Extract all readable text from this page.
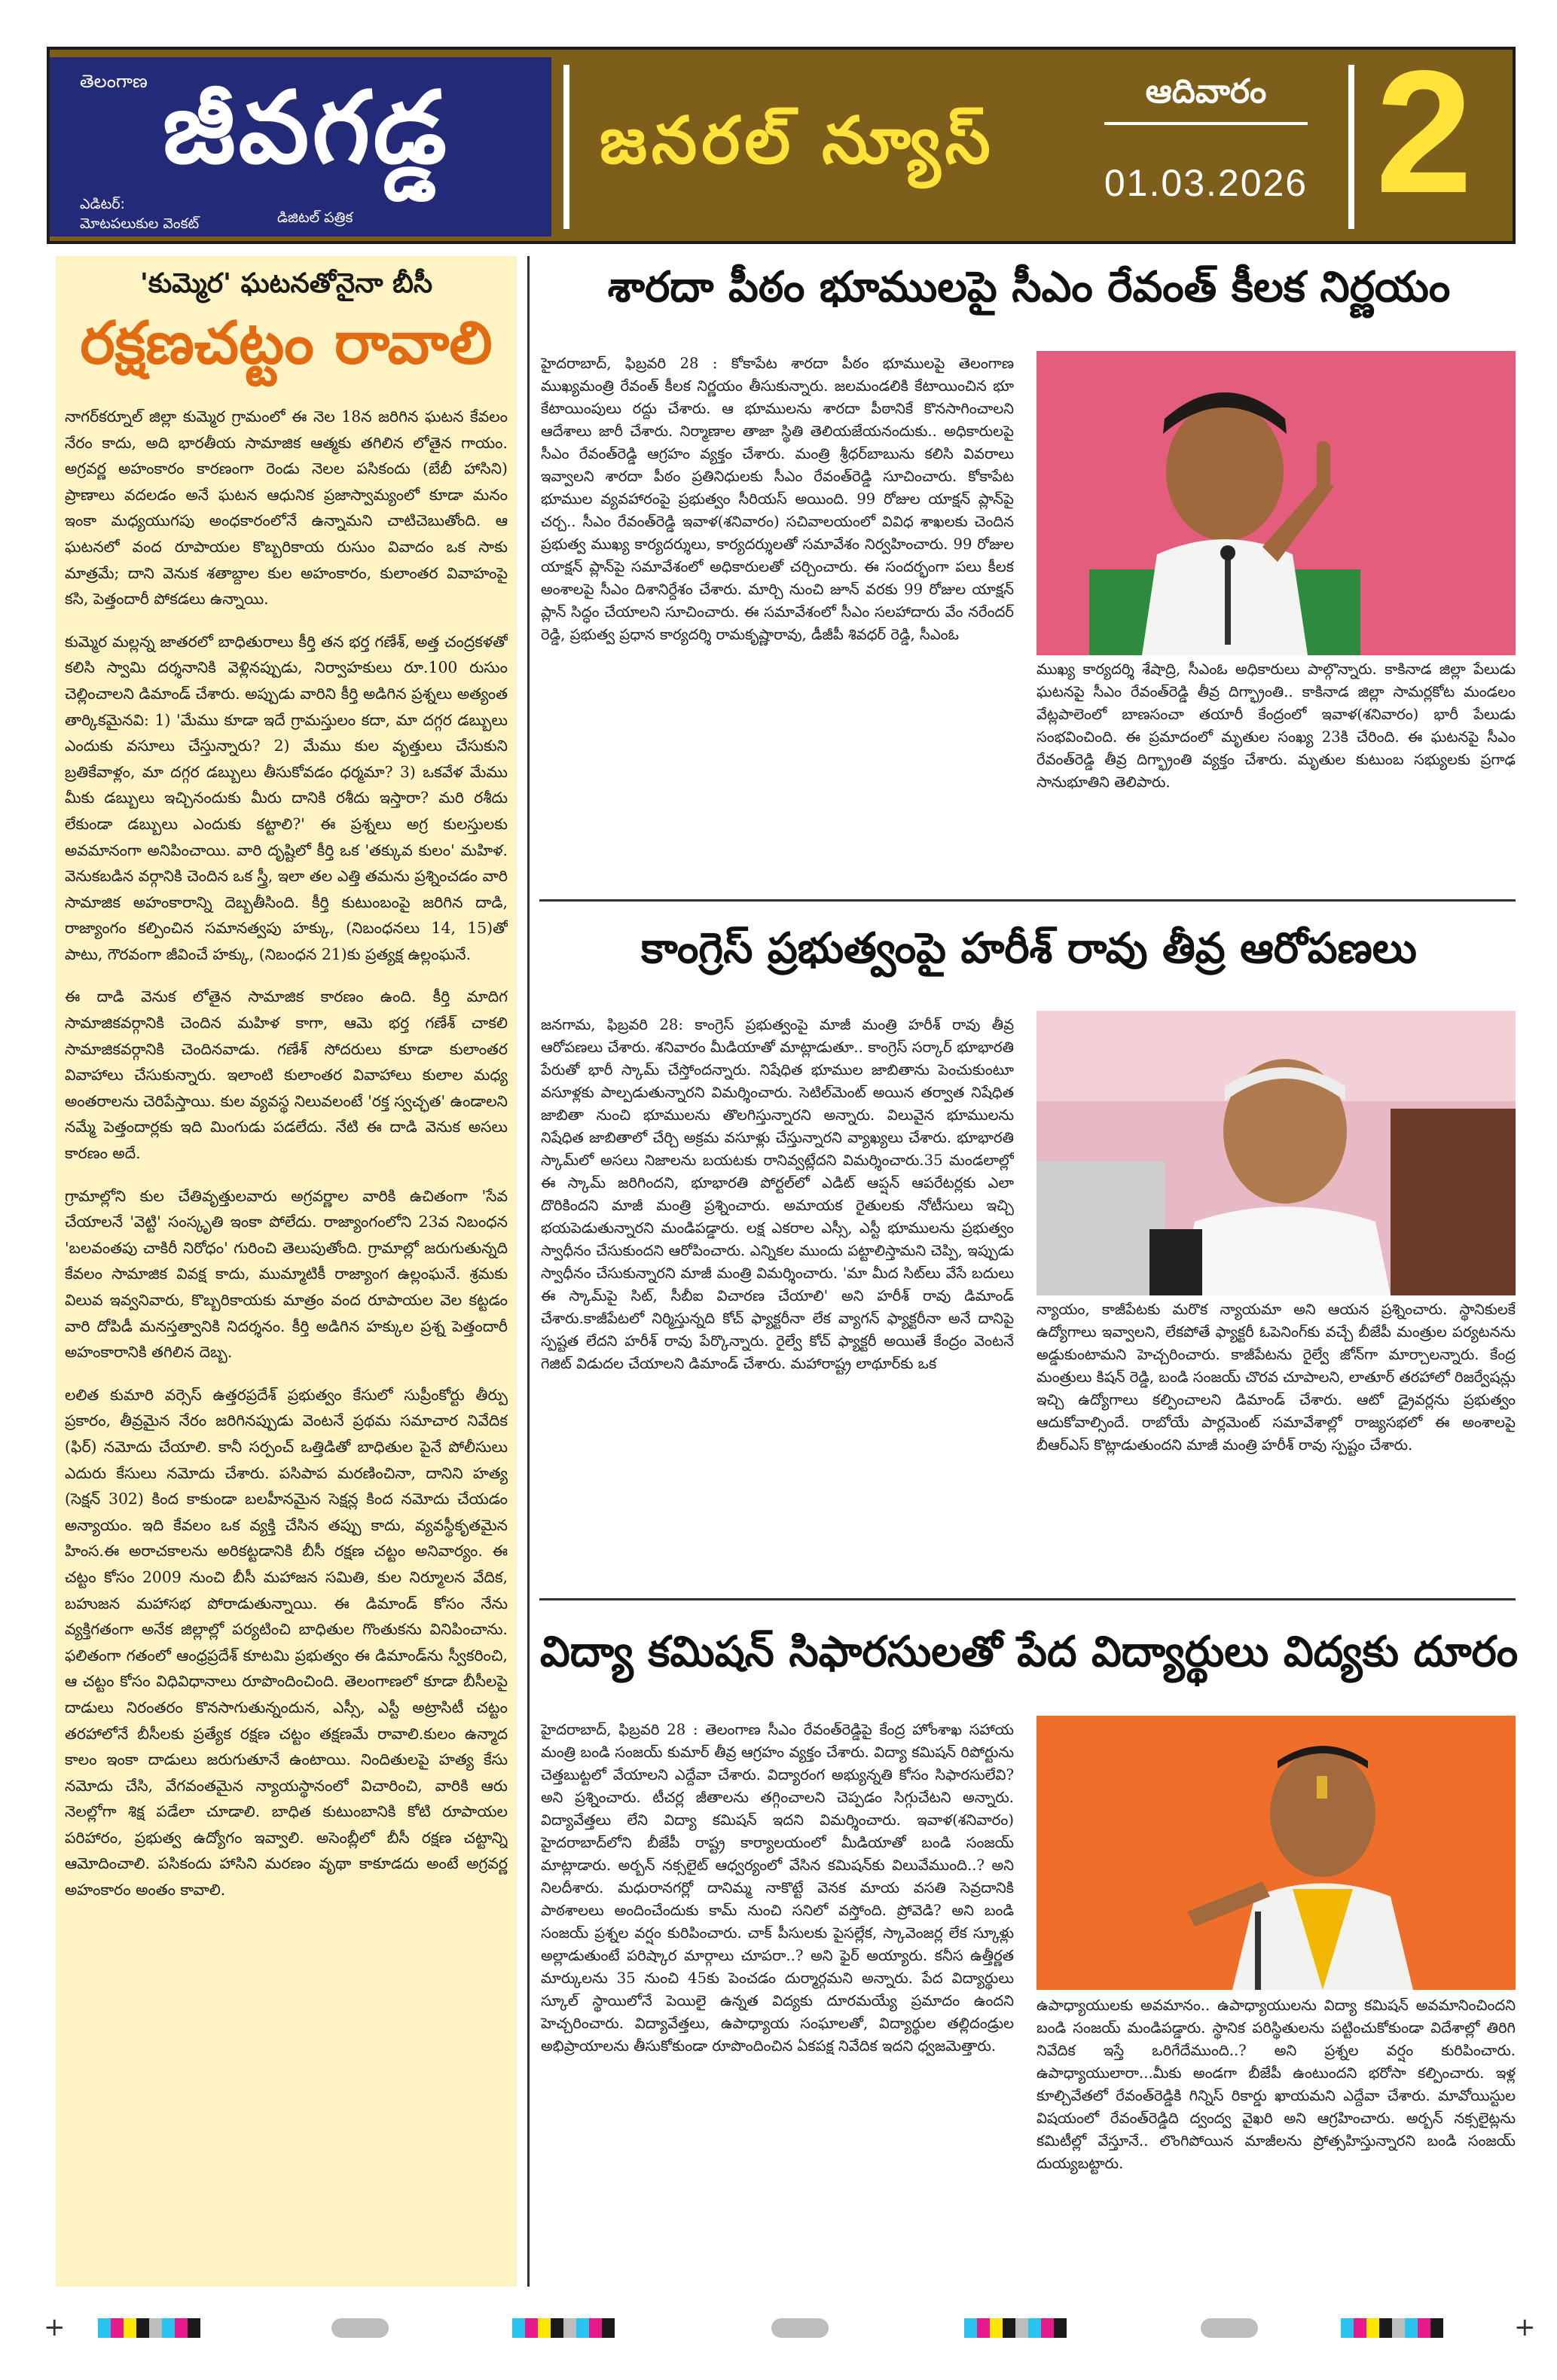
తెలంగాణ జీవగడ్డ
ఎడిటర్:
మోటపలుకుల వెంకట్	డిజిటల్ పత్రిక
జనరల్ న్యూస్
ఆదివారం
01.03.2026 2
'కుమ్మెర' ఘటనతోనైనా బీసీ
రక్షణచట్టం రావాలి

నాగర్‌కర్నూల్ జిల్లా కుమ్మెర గ్రామంలో ఈ నెల 18న జరిగిన ఘటన కేవలం నేరం కాదు, అది భారతీయ సామాజిక ఆత్మకు తగిలిన లోతైన గాయం. అగ్రవర్ణ అహంకారం కారణంగా రెండు నెలల పసికందు (బేబీ హాసిని) ప్రాణాలు వదలడం అనే ఘటన ఆధునిక ప్రజాస్వామ్యంలో కూడా మనం ఇంకా మధ్యయుగపు అంధకారంలోనే ఉన్నామని చాటిచెబుతోంది. ఆ ఘటనలో వంద రూపాయల కొబ్బరికాయ రుసుం వివాదం ఒక సాకు మాత్రమే; దాని వెనుక శతాబ్దాల కుల అహంకారం, కులాంతర వివాహంపై కసి, పెత్తందారీ పోకడలు ఉన్నాయి.

కుమ్మెర మల్లన్న జాతరలో బాధితురాలు కీర్తి తన భర్త గణేశ్, అత్త చంద్రకళతో కలిసి స్వామి దర్శనానికి వెళ్లినప్పుడు, నిర్వాహకులు రూ.100 రుసుం చెల్లించాలని డిమాండ్ చేశారు. అప్పుడు వారిని కీర్తి అడిగిన ప్రశ్నలు అత్యంత తార్కికమైనవి: 1) 'మేము కూడా ఇదే గ్రామస్తులం కదా, మా దగ్గర డబ్బులు ఎందుకు వసూలు చేస్తున్నారు? 2) మేము కుల వృత్తులు చేసుకుని బ్రతికేవాళ్లం, మా దగ్గర డబ్బులు తీసుకోవడం ధర్మమా? 3) ఒకవేళ మేము మీకు డబ్బులు ఇచ్చినందుకు మీరు దానికి రశీదు ఇస్తారా? మరి రశీదు లేకుండా డబ్బులు ఎందుకు కట్టాలి?' ఈ ప్రశ్నలు అగ్ర కులస్తులకు అవమానంగా అనిపించాయి. వారి దృష్టిలో కీర్తి ఒక 'తక్కువ కులం' మహిళ. వెనుకబడిన వర్గానికి చెందిన ఒక స్త్రీ, ఇలా తల ఎత్తి తమను ప్రశ్నించడం వారి సామాజిక అహంకారాన్ని దెబ్బతీసింది. కీర్తి కుటుంబంపై జరిగిన దాడి, రాజ్యాంగం కల్పించిన సమానత్వపు హక్కు, (నిబంధనలు 14, 15)తో పాటు, గౌరవంగా జీవించే హక్కు, (నిబంధన 21)కు ప్రత్యక్ష ఉల్లంఘనే.

ఈ దాడి వెనుక లోతైన సామాజిక కారణం ఉంది. కీర్తి మాదిగ సామాజికవర్గానికి చెందిన మహిళ కాగా, ఆమె భర్త గణేశ్ చాకలి సామాజికవర్గానికి చెందినవాడు. గణేశ్ సోదరులు కూడా కులాంతర వివాహాలు చేసుకున్నారు. ఇలాంటి కులాంతర వివాహాలు కులాల మధ్య అంతరాలను చెరిపేస్తాయి. కుల వ్యవస్థ నిలువలంటే 'రక్త స్వచ్ఛత' ఉండాలని నమ్మే పెత్తందార్లకు ఇది మింగుడు పడలేదు. నేటి ఈ దాడి వెనుక అసలు కారణం అదే.

గ్రామాల్లోని కుల చేతివృత్తులవారు అగ్రవర్ణాల వారికి ఉచితంగా 'సేవ చేయాలనే 'వెట్టి' సంస్కృతి ఇంకా పోలేదు. రాజ్యాంగంలోని 23వ నిబంధన 'బలవంతపు చాకిరీ నిరోధం' గురించి తెలుపుతోంది. గ్రామాల్లో జరుగుతున్నది కేవలం సామాజిక వివక్ష కాదు, ముమ్మాటికీ రాజ్యాంగ ఉల్లంఘనే. శ్రమకు విలువ ఇవ్వనివారు, కొబ్బరికాయకు మాత్రం వంద రూపాయల వెల కట్టడం వారి దోపిడీ మనస్తత్వానికి నిదర్శనం. కీర్తి అడిగిన హక్కుల ప్రశ్న పెత్తందారీ అహంకారానికి తగిలిన దెబ్బ.

లలిత కుమారి వర్సెస్ ఉత్తరప్రదేశ్ ప్రభుత్వం కేసులో సుప్రీంకోర్టు తీర్పు ప్రకారం, తీవ్రమైన నేరం జరిగినప్పుడు వెంటనే ప్రథమ సమాచార నివేదిక (ఫిర్) నమోదు చేయాలి. కానీ సర్పంచ్ ఒత్తిడితో బాధితుల పైనే పోలీసులు ఎదురు కేసులు నమోదు చేశారు. పసిపాప మరణించినా, దానిని హత్య (సెక్షన్ 302) కింద కాకుండా బలహీనమైన సెక్షన్ల కింద నమోదు చేయడం అన్యాయం. ఇది కేవలం ఒక వ్యక్తి చేసిన తప్పు కాదు, వ్యవస్థీకృతమైన హింస.ఈ అరాచకాలను అరికట్టడానికి బీసీ రక్షణ చట్టం అనివార్యం. ఈ చట్టం కోసం 2009 నుంచి బీసీ మహాజన సమితి, కుల నిర్మూలన వేదిక, బహుజన మహాసభ పోరాడుతున్నాయి. ఈ డిమాండ్ కోసం నేను వ్యక్తిగతంగా అనేక జిల్లాల్లో పర్యటించి బాధితుల గొంతుకను వినిపించాను. ఫలితంగా గతంలో ఆంధ్రప్రదేశ్ కూటమి ప్రభుత్వం ఈ డిమాండ్‌ను స్వీకరించి, ఆ చట్టం కోసం విధివిధానాలు రూపొందించింది. తెలంగాణలో కూడా బీసీలపై దాడులు నిరంతరం కొనసాగుతున్నందున, ఎస్సీ, ఎస్టీ అట్రాసిటీ చట్టం తరహాలోనే బీసీలకు ప్రత్యేక రక్షణ చట్టం తక్షణమే రావాలి.కులం ఉన్మాద కాలం ఇంకా దాడులు జరుగుతూనే ఉంటాయి. నిందితులపై హత్య కేసు నమోదు చేసి, వేగవంతమైన న్యాయస్థానంలో విచారించి, వారికి ఆరు నెలల్లోగా శిక్ష పడేలా చూడాలి. బాధిత కుటుంబానికి కోటి రూపాయల పరిహారం, ప్రభుత్వ ఉద్యోగం ఇవ్వాలి. అసెంబ్లీలో బీసీ రక్షణ చట్టాన్ని ఆమోదించాలి. పసికందు హాసిని మరణం వృథా కాకూడదు అంటే అగ్రవర్ణ అహంకారం అంతం కావాలి.

శారదా పీఠం భూములపై సీఎం రేవంత్ కీలక నిర్ణయం
హైదరాబాద్, ఫిబ్రవరి 28 : కోకాపేట శారదా పీఠం భూములపై తెలంగాణ ముఖ్యమంత్రి రేవంత్ కీలక నిర్ణయం తీసుకున్నారు. జలమండలికి కేటాయించిన భూ కేటాయింపులు రద్దు చేశారు. ఆ భూములను శారదా పీఠానికే కొనసాగించాలని ఆదేశాలు జారీ చేశారు. నిర్మాణాల తాజా స్థితి తెలియజేయనందుకు.. అధికారులపై సీఎం రేవంత్‌రెడ్డి ఆగ్రహం వ్యక్తం చేశారు. మంత్రి శ్రీధర్‌బాబును కలిసి వివరాలు ఇవ్వాలని శారదా పీఠం ప్రతినిధులకు సీఎం రేవంత్‌రెడ్డి సూచించారు. కోకాపేట భూముల వ్యవహారంపై ప్రభుత్వం సీరియస్ అయింది. 99 రోజుల యాక్షన్ ప్లాన్‌పై చర్చ.. సీఎం రేవంత్‌రెడ్డి ఇవాళ(శనివారం) సచివాలయంలో వివిధ శాఖలకు చెందిన ప్రభుత్వ ముఖ్య కార్యదర్శులు, కార్యదర్శులతో సమావేశం నిర్వహించారు. 99 రోజుల యాక్షన్ ప్లాన్‌పై సమావేశంలో అధికారులతో చర్చించారు. ఈ సందర్భంగా పలు కీలక అంశాలపై సీఎం దిశానిర్దేశం చేశారు. మార్చి నుంచి జూన్ వరకు 99 రోజుల యాక్షన్ ప్లాన్ సిద్ధం చేయాలని సూచించారు. ఈ సమావేశంలో సీఎం సలహాదారు వేం నరేందర్ రెడ్డి, ప్రభుత్వ ప్రధాన కార్యదర్శి రామకృష్ణారావు, డీజీపీ శివధర్ రెడ్డి, సీఎంఓ
ముఖ్య కార్యదర్శి శేషాద్రి, సీఎంఓ అధికారులు పాల్గొన్నారు. కాకినాడ జిల్లా పేలుడు ఘటనపై సీఎం రేవంత్‌రెడ్డి తీవ్ర దిగ్భ్రాంతి.. కాకినాడ జిల్లా సామర్లకోట మండలం వేట్లపాలెంలో బాణసంచా తయారీ కేంద్రంలో ఇవాళ(శనివారం) భారీ పేలుడు సంభవించింది. ఈ ప్రమాదంలో మృతుల సంఖ్య 23కి చేరింది. ఈ ఘటనపై సీఎం రేవంత్‌రెడ్డి తీవ్ర దిగ్భ్రాంతి వ్యక్తం చేశారు. మృతుల కుటుంబ సభ్యులకు ప్రగాఢ సానుభూతిని తెలిపారు.
కాంగ్రెస్ ప్రభుత్వంపై హరీశ్ రావు తీవ్ర ఆరోపణలు
జనగామ, ఫిబ్రవరి 28: కాంగ్రెస్ ప్రభుత్వంపై మాజీ మంత్రి హరీశ్ రావు తీవ్ర ఆరోపణలు చేశారు. శనివారం మీడియాతో మాట్లాడుతూ.. కాంగ్రెస్ సర్కార్ భూభారతి పేరుతో భారీ స్కామ్ చేస్తోందన్నారు. నిషేధిత భూముల జాబితాను పెంచుకుంటూ వసూళ్లకు పాల్పడుతున్నారని విమర్శించారు. సెటిల్‌మెంట్ అయిన తర్వాత నిషేధిత జాబితా నుంచి భూములను తొలగిస్తున్నారని అన్నారు. విలువైన భూములను నిషేధిత జాబితాలో చేర్చి అక్రమ వసూళ్లు చేస్తున్నారని వ్యాఖ్యలు చేశారు. భూభారతి స్కామ్‌లో అసలు నిజాలను బయటకు రానివ్వట్లేదని విమర్శించారు.35 మండలాల్లో ఈ స్కామ్ జరిగిందని, భూభారతి పోర్టల్‌లో ఎడిట్ ఆప్షన్ ఆపరేటర్లకు ఎలా దొరికిందని మాజీ మంత్రి ప్రశ్నించారు. అమాయక రైతులకు నోటీసులు ఇచ్చి భయపెడుతున్నారని మండిపడ్డారు. లక్ష ఎకరాల ఎస్సీ, ఎస్టీ భూములను ప్రభుత్వం స్వాధీనం చేసుకుందని ఆరోపించారు. ఎన్నికల ముందు పట్టాలిస్తామని చెప్పి, ఇప్పుడు స్వాధీనం చేసుకున్నారని మాజీ మంత్రి విమర్శించారు. 'మా మీద సిట్‌లు వేసే బదులు ఈ స్కామ్‌పై సిట్, సీబీఐ విచారణ చేయాలి' అని హరీశ్ రావు డిమాండ్ చేశారు.కాజీపేటలో నిర్మిస్తున్నది కోచ్ ఫ్యాక్టరీనా లేక వ్యాగన్ ఫ్యాక్టరీనా అనే దానిపై స్పష్టత లేదని హరీశ్ రావు పేర్కొన్నారు. రైల్వే కోచ్ ఫ్యాక్టరీ అయితే కేంద్రం వెంటనే గెజిట్ విడుదల చేయాలని డిమాండ్ చేశారు. మహారాష్ట్ర లాథూర్‌కు ఒక
న్యాయం, కాజీపేటకు మరొక న్యాయమా అని ఆయన ప్రశ్నించారు. స్థానికులకే ఉద్యోగాలు ఇవ్వాలని, లేకపోతే ఫ్యాక్టరీ ఓపెనింగ్‌కు వచ్చే బీజేపీ మంత్రుల పర్యటనను అడ్డుకుంటామని హెచ్చరించారు. కాజీపేటను రైల్వే జోన్‌గా మార్చాలన్నారు. కేంద్ర మంత్రులు కిషన్ రెడ్డి, బండి సంజయ్ చొరవ చూపాలని, లాతూర్ తరహాలో రిజర్వేషన్లు ఇచ్చి ఉద్యోగాలు కల్పించాలని డిమాండ్ చేశారు. ఆటో డ్రైవర్లను ప్రభుత్వం ఆదుకోవాల్సిందే. రాబోయే పార్లమెంట్ సమావేశాల్లో రాజ్యసభలో ఈ అంశాలపై బీఆర్ఎస్ కొట్లాడుతుందని మాజీ మంత్రి హరీశ్ రావు స్పష్టం చేశారు.
విద్యా కమిషన్ సిఫారసులతో పేద విద్యార్థులు విద్యకు దూరం
హైదరాబాద్, ఫిబ్రవరి 28 : తెలంగాణ సీఎం రేవంత్‌రెడ్డిపై కేంద్ర హోంశాఖ సహాయ మంత్రి బండి సంజయ్ కుమార్ తీవ్ర ఆగ్రహం వ్యక్తం చేశారు. విద్యా కమిషన్ రిపోర్టును చెత్తబుట్టలో వేయాలని ఎద్దేవా చేశారు. విద్యారంగ అభ్యున్నతి కోసం సిఫారసులేవి? అని ప్రశ్నించారు. టీచర్ల జీతాలను తగ్గించాలని చెప్పడం సిగ్గుచేటని అన్నారు. విద్యావేత్తలు లేని విద్యా కమిషన్ ఇదని విమర్శించారు. ఇవాళ(శనివారం) హైదరాబాద్‌లోని బీజేపీ రాష్ట్ర కార్యాలయంలో మీడియాతో బండి సంజయ్ మాట్లాడారు. అర్బన్ నక్సలైట్ ఆధ్వర్యంలో వేసిన కమిషన్‌కు విలువేముంది..? అని నిలదీశారు. మధురానగర్లో దానిమ్మ నాకొట్టే వెనక మాయ వసతి సెవ్రదానికి పాఠశాలలు అందించేందుకు కామ్ నుంచి సనిలో వస్తోంది. ప్రోవెడి? అని బండి సంజయ్ ప్రశ్నల వర్షం కురిపించారు. చాక్ పీసులకు పైసల్లేక, స్కావెంజర్ల లేక స్కూళ్లు అల్లాడుతుంటే పరిష్కార మార్గాలు చూపరా..? అని ఫైర్ అయ్యారు. కనీస ఉత్తీర్ణత మార్కులను 35 నుంచి 45కు పెంచడం దుర్మార్గమని అన్నారు. పేద విద్యార్థులు స్కూల్ స్థాయిలోనే పెయిలై ఉన్నత విద్యకు దూరమయ్యే ప్రమాదం ఉందని హెచ్చరించారు. విద్యావేత్తలు, ఉపాధ్యాయ సంఘాలతో, విద్యార్థుల తల్లిదండ్రుల అభిప్రాయాలను తీసుకోకుండా రూపొందించిన ఏకపక్ష నివేదిక ఇదని ధ్వజమెత్తారు.
ఉపాధ్యాయులకు అవమానం.. ఉపాధ్యాయులను విద్యా కమిషన్ అవమానించిందని బండి సంజయ్ మండిపడ్డారు. స్థానిక పరిస్థితులను పట్టించుకోకుండా విదేశాల్లో తిరిగి నివేదిక ఇస్తే ఒరిగేదేముంది..? అని ప్రశ్నల వర్షం కురిపించారు. ఉపాధ్యాయులారా...మీకు అండగా బీజేపీ ఉంటుందని భరోసా కల్పించారు. ఇళ్ల కూల్చివేతలో రేవంత్‌రెడ్డికి గిన్నిస్ రికార్డు ఖాయమని ఎద్దేవా చేశారు. మావోయిస్టుల విషయంలో రేవంత్‌రెడ్డిది ద్వంద్వ వైఖరి అని ఆగ్రహించారు. అర్బన్ నక్సలైట్లను కమిటీల్లో వేస్తూనే.. లొంగిపోయిన మాజీలను ప్రోత్సహిస్తున్నారని బండి సంజయ్ దుయ్యబట్టారు.
+	+
